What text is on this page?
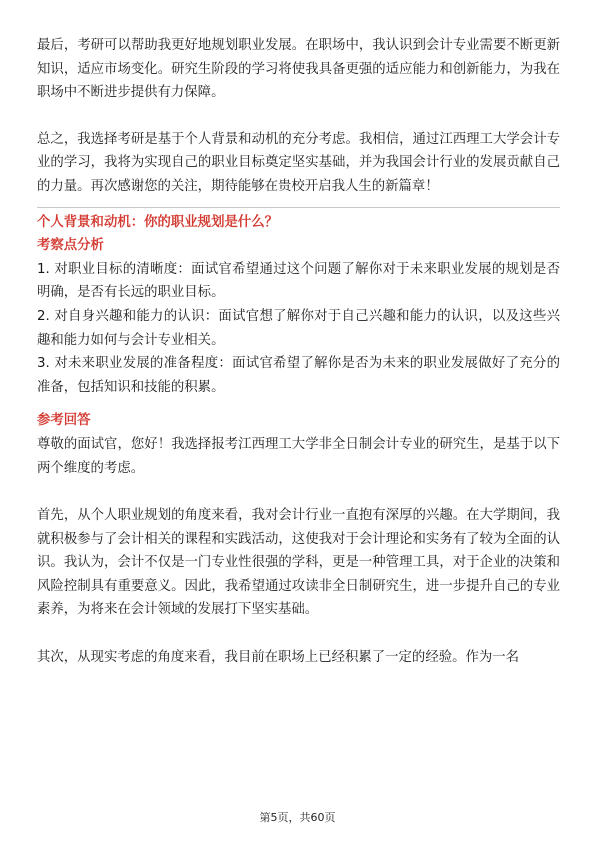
最后，考研可以帮助我更好地规划职业发展。在职场中，我认识到会计专业需要不断更新知识，适应市场变化。研究生阶段的学习将使我具备更强的适应能力和创新能力，为我在职场中不断进步提供有力保障。

总之，我选择考研是基于个人背景和动机的充分考虑。我相信，通过江西理工大学会计专业的学习，我将为实现自己的职业目标奠定坚实基础，并为我国会计行业的发展贡献自己的力量。再次感谢您的关注，期待能够在贵校开启我人生的新篇章！

个人背景和动机：你的职业规划是什么？

考察点分析

1. 对职业目标的清晰度：面试官希望通过这个问题了解你对于未来职业发展的规划是否明确，是否有长远的职业目标。

2. 对自身兴趣和能力的认识：面试官想了解你对于自己兴趣和能力的认识，以及这些兴趣和能力如何与会计专业相关。

3. 对未来职业发展的准备程度：面试官希望了解你是否为未来的职业发展做好了充分的准备，包括知识和技能的积累。

参考回答

尊敬的面试官，您好！我选择报考江西理工大学非全日制会计专业的研究生，是基于以下两个维度的考虑。

首先，从个人职业规划的角度来看，我对会计行业一直抱有深厚的兴趣。在大学期间，我就积极参与了会计相关的课程和实践活动，这使我对于会计理论和实务有了较为全面的认识。我认为，会计不仅是一门专业性很强的学科，更是一种管理工具，对于企业的决策和风险控制具有重要意义。因此，我希望通过攻读非全日制研究生，进一步提升自己的专业素养，为将来在会计领域的发展打下坚实基础。

其次，从现实考虑的角度来看，我目前在职场上已经积累了一定的经验。作为一名

第5页，共60页
